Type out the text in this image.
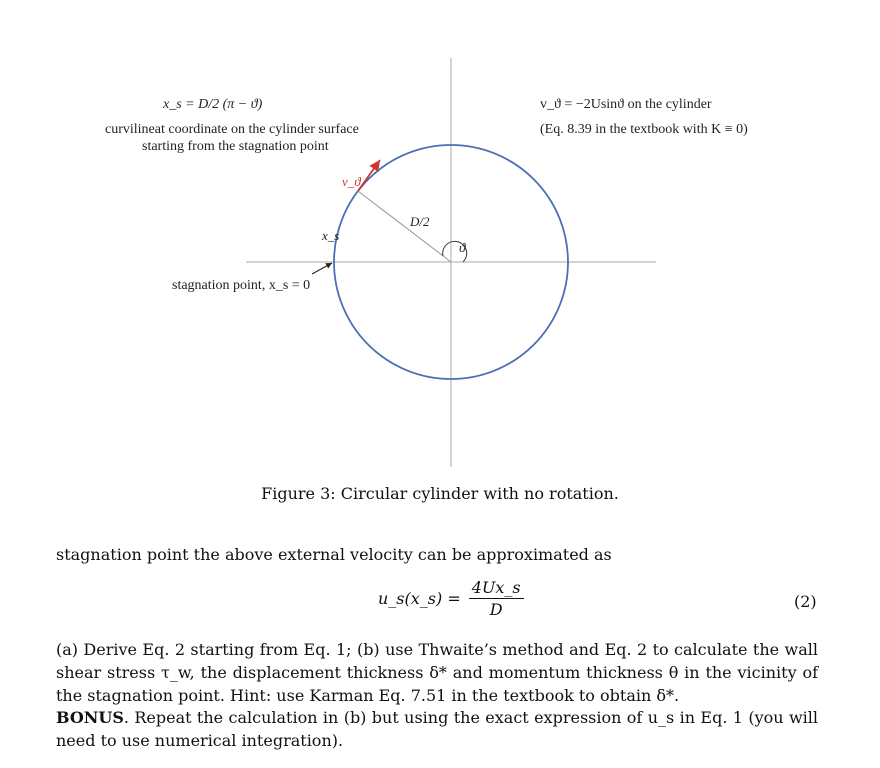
x_s = D/2 (π − ϑ)
curvilineat coordinate on the cylinder surface
starting from the stagnation point
v_ϑ = −2Usinϑ on the cylinder
(Eq. 8.39 in the textbook with K ≡ 0)
v_ϑ
D/2
ϑ
x_s
stagnation point, x_s = 0
Figure 3: Circular cylinder with no rotation.
stagnation point the above external velocity can be approximated as
u_s(x_s) = $\frac{4Ux\_s}{D}$	(2)
(a) Derive Eq. 2 starting from Eq. 1; (b) use Thwaite’s method and Eq. 2 to calculate the wall shear stress τ_w, the displacement thickness δ* and momentum thickness θ in the vicinity of the stagnation point. Hint: use Karman Eq. 7.51 in the textbook to obtain δ*.
BONUS. Repeat the calculation in (b) but using the exact expression of u_s in Eq. 1 (you will need to use numerical integration).
